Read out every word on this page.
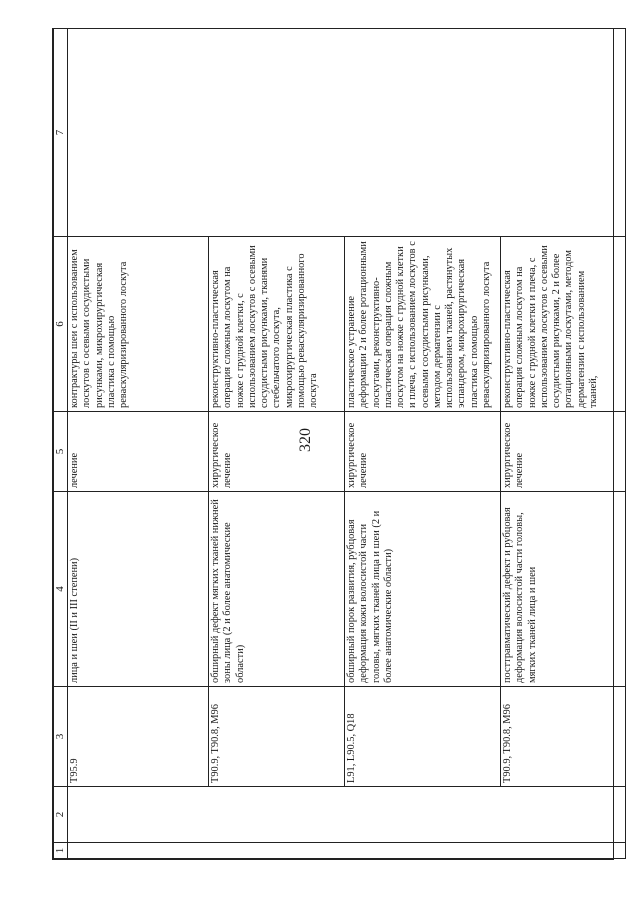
320
1	2	3	4	5	6	7
		T95.9	лица и шеи (II и III степени)	лечение	контрактуры шеи с использованием лоскутов с осевыми сосудистыми рисунками, микрохирургическая пластика с помощью реваскуляризированного лоскута	
		T90.9, T90.8, M96	обширный дефект мягких тканей нижней зоны лица (2 и более анатомические области)	хирургическое лечение	реконструктивно-пластическая операция сложным лоскутом на ножке с грудной клетки, с использованием лоскутов с осевыми сосудистыми рисунками, тканями стебельчатого лоскута, микрохирургическая пластика с помощью реваскуляризированного лоскута	
		L91, L90.5, Q18	обширный порок развития, рубцовая деформация кожи волосистой части головы, мягких тканей лица и шеи (2 и более анатомические области)	хирургическое лечение	пластическое устранение деформации 2 и более ротационными лоскутами, реконструктивно-пластическая операция сложным лоскутом на ножке с грудной клетки и плеча, с использованием лоскутов с осевыми сосудистыми рисунками, методом дерматензии с использованием тканей, растянутых эспандером, микрохирургическая пластика с помощью реваскуляризированного лоскута	
		T90.9, T90.8, M96	посттравматический дефект и рубцовая деформация волосистой части головы, мягких тканей лица и шеи	хирургическое лечение	реконструктивно-пластическая операция сложным лоскутом на ножке с грудной клетки и плеча, с использованием лоскутов с осевыми сосудистыми рисунками, 2 и более ротационными лоскутами, методом дерматензии с использованием тканей,	
